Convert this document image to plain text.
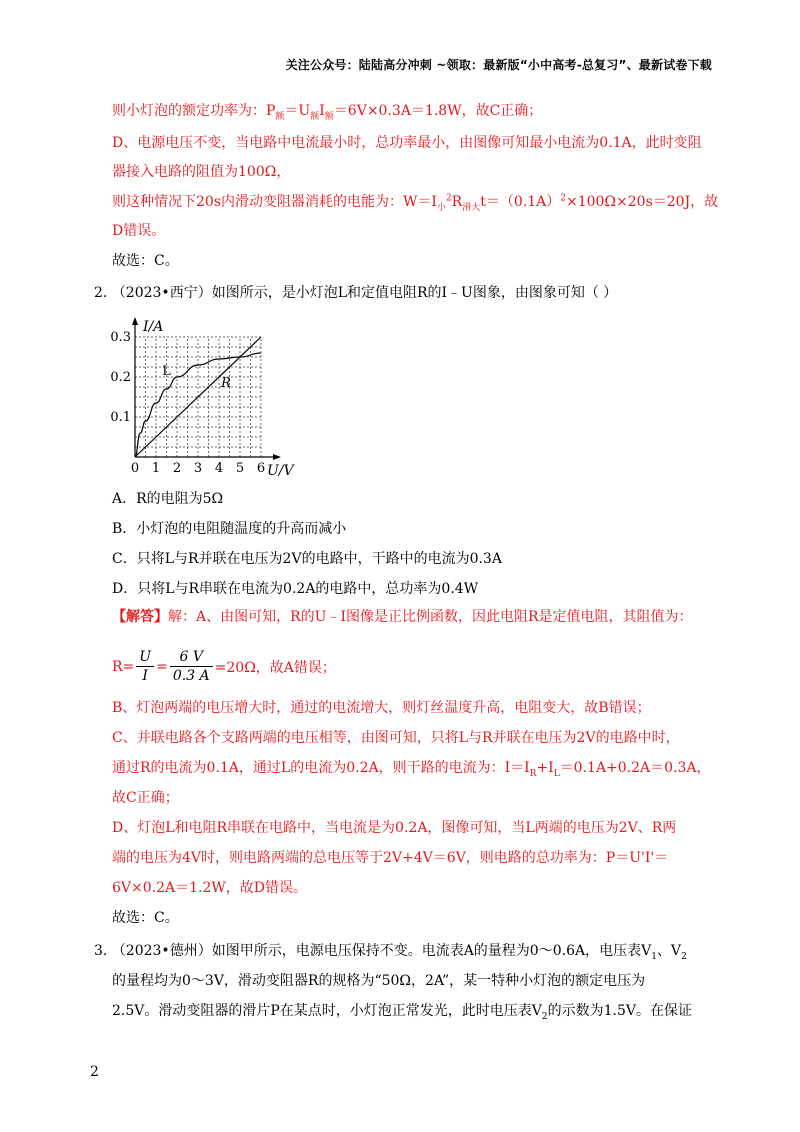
关注公众号：陆陆高分冲刺 ~领取：最新版“小中高考-总复习”、最新试卷下载
则小灯泡的额定功率为：$P_额=U_额I_额=6V\times 0.3A=1.8W$，故C正确；
D、电源电压不变，当电路中电流最小时，总功率最小，由图像可知最小电流为0.1A，此时变阻
器接入电路的阻值为100Ω，
则这种情况下20s内滑动变阻器消耗的电能为：$W=I_小^2R_{滑大}t=(0.1A)^2\times 100\Omega\times 20s=20J$，故
D错误。
故选：C。
2. （2023•西宁）如图所示，是小灯泡L和定值电阻R的I﹣U图象，由图象可知（ ）
0 1 2 3 4 5 6
0.1
0.2
0.3
I/A
U/V
L
R
A．R的电阻为5Ω
B．小灯泡的电阻随温度的升高而减小
C．只将L与R并联在电压为2V的电路中，干路中的电流为0.3A
D．只将L与R串联在电流为0.2A的电路中，总功率为0.4W
【解答】解：A、由图可知，R的U﹣I图像是正比例函数，因此电阻R是定值电阻，其阻值为：
$R= \frac{U}{I} = \frac{6 V}{0.3 A} =20\Omega$，故A错误；
B、灯泡两端的电压增大时，通过的电流增大，则灯丝温度升高，电阻变大，故B错误；
C、并联电路各个支路两端的电压相等，由图可知，只将L与R并联在电压为2V的电路中时，
通过R的电流为0.1A，通过L的电流为0.2A，则干路的电流为：$I=I_R+I_L=0.1A+0.2A=0.3A$，
故C正确；
D、灯泡L和电阻R串联在电路中，当电流是为0.2A，图像可知，当L两端的电压为2V、R两
端的电压为4V时，则电路两端的总电压等于2V+4V＝6V，则电路的总功率为：P＝U'I'＝
6V×0.2A＝1.2W，故D错误。
故选：C。
3. （2023•德州）如图甲所示，电源电压保持不变。电流表A的量程为0～0.6A，电压表$V_1$、$V_2$
的量程均为0～3V，滑动变阻器R的规格为“50Ω，2A”，某一特种小灯泡的额定电压为
2.5V。滑动变阻器的滑片P在某点时，小灯泡正常发光，此时电压表$V_2$的示数为1.5V。在保证
2
